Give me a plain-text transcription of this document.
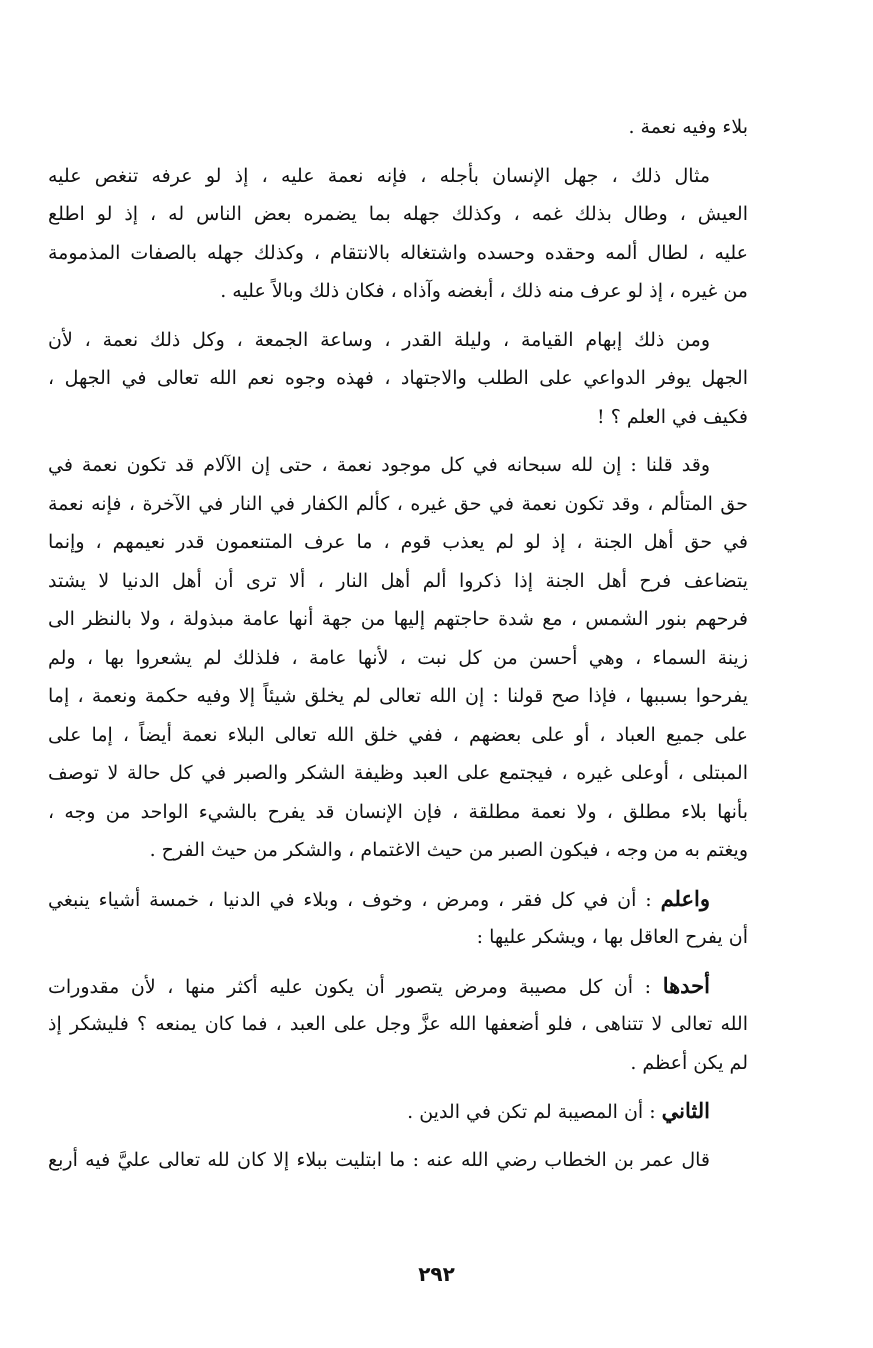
بلاء وفيه نعمة .
مثال ذلك ، جهل الإنسان بأجله ، فإنه نعمة عليه ، إذ لو عرفه تنغص عليه
العيش ، وطال بذلك غمه ، وكذلك جهله بما يضمره بعض الناس له ، إذ لو اطلع
عليه ، لطال ألمه وحقده وحسده واشتغاله بالانتقام ، وكذلك جهله بالصفات المذمومة
من غيره ، إذ لو عرف منه ذلك ، أبغضه وآذاه ، فكان ذلك وبالاً عليه .
ومن ذلك إبهام القيامة ، وليلة القدر ، وساعة الجمعة ، وكل ذلك نعمة ، لأن
الجهل يوفر الدواعي على الطلب والاجتهاد ، فهذه وجوه نعم الله تعالى في الجهل ،
فكيف في العلم ؟ !
وقد قلنا : إن لله سبحانه في كل موجود نعمة ، حتى إن الآلام قد تكون نعمة في
حق المتألم ، وقد تكون نعمة في حق غيره ، كألم الكفار في النار في الآخرة ، فإنه نعمة
في حق أهل الجنة ، إذ لو لم يعذب قوم ، ما عرف المتنعمون قدر نعيمهم ، وإنما
يتضاعف فرح أهل الجنة إذا ذكروا ألم أهل النار ، ألا ترى أن أهل الدنيا لا يشتد
فرحهم بنور الشمس ، مع شدة حاجتهم إليها من جهة أنها عامة مبذولة ، ولا بالنظر الى
زينة السماء ، وهي أحسن من كل نبت ، لأنها عامة ، فلذلك لم يشعروا بها ، ولم
يفرحوا بسببها ، فإذا صح قولنا : إن الله تعالى لم يخلق شيئاً إلا وفيه حكمة ونعمة ، إما
على جميع العباد ، أو على بعضهم ، ففي خلق الله تعالى البلاء نعمة أيضاً ، إما على
المبتلى ، أوعلى غيره ، فيجتمع على العبد وظيفة الشكر والصبر في كل حالة لا توصف
بأنها بلاء مطلق ، ولا نعمة مطلقة ، فإن الإنسان قد يفرح بالشيء الواحد من وجه ،
ويغتم به من وجه ، فيكون الصبر من حيث الاغتمام ، والشكر من حيث الفرح .
واعلم : أن في كل فقر ، ومرض ، وخوف ، وبلاء في الدنيا ، خمسة أشياء ينبغي
أن يفرح العاقل بها ، ويشكر عليها :
أحدها : أن كل مصيبة ومرض يتصور أن يكون عليه أكثر منها ، لأن مقدورات
الله تعالى لا تتناهى ، فلو أضعفها الله عزَّ وجل على العبد ، فما كان يمنعه ؟ فليشكر إذ
لم يكن أعظم .
الثاني : أن المصيبة لم تكن في الدين .
قال عمر بن الخطاب رضي الله عنه : ما ابتليت ببلاء إلا كان لله تعالى عليَّ فيه أربع
٢٩٢
